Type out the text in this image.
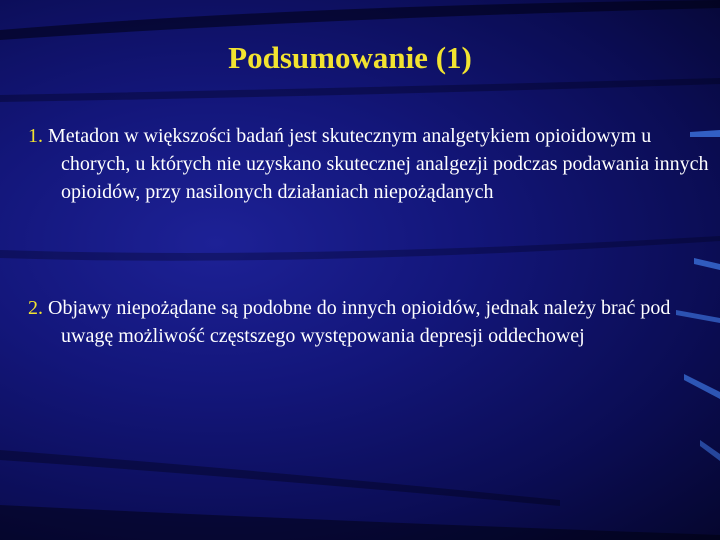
Podsumowanie (1)

1. Metadon w większości badań jest skutecznym analgetykiem opioidowym u chorych, u których nie uzyskano skutecznej analgezji podczas podawania innych opioidów, przy nasilonych działaniach niepożądanych

2. Objawy niepożądane są podobne do innych opioidów, jednak należy brać pod uwagę możliwość częstszego występowania depresji oddechowej
